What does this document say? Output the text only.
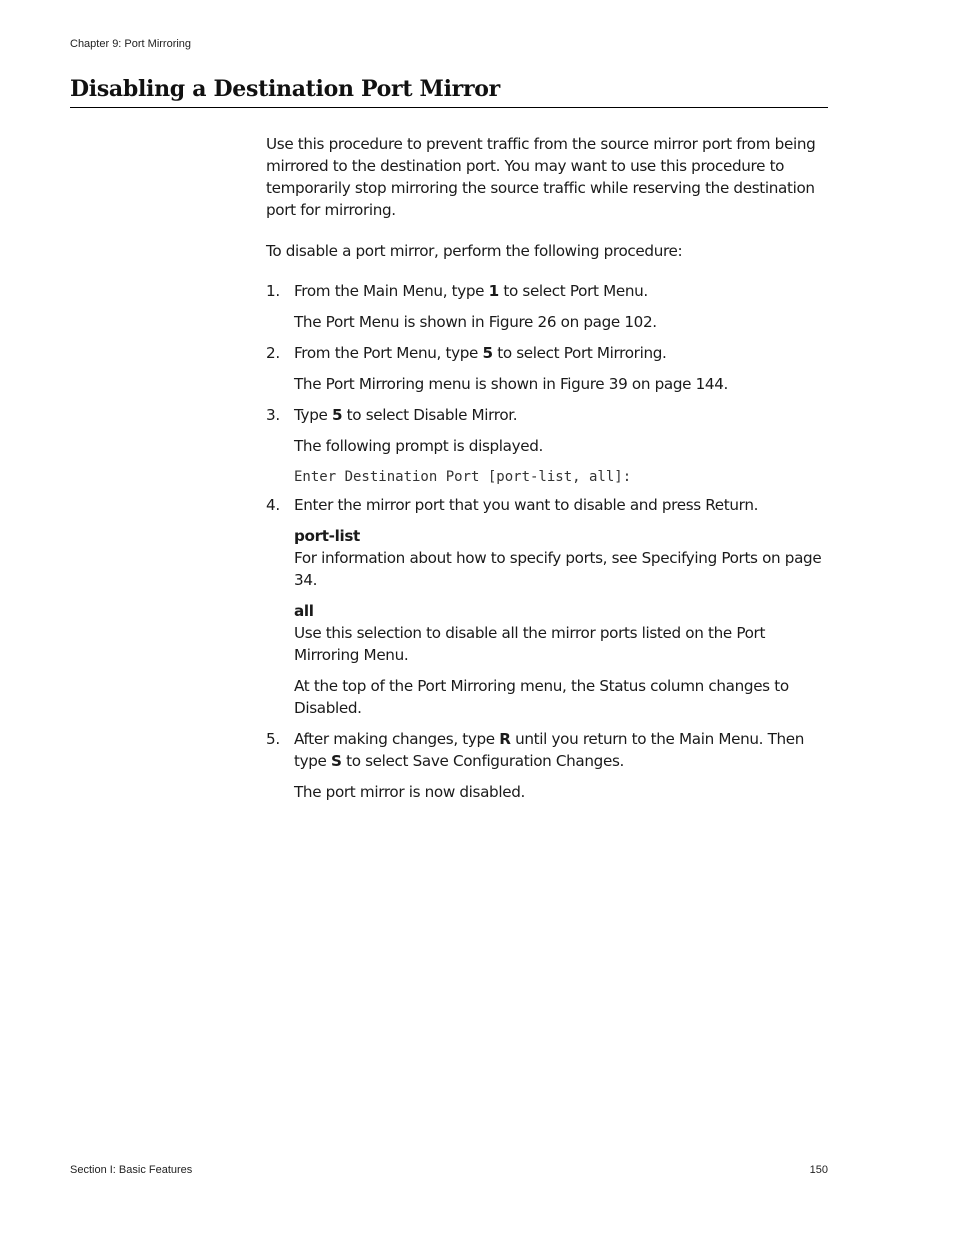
Chapter 9: Port Mirroring
Disabling a Destination Port Mirror

Use this procedure to prevent traffic from the source mirror port from being mirrored to the destination port. You may want to use this procedure to temporarily stop mirroring the source traffic while reserving the destination port for mirroring.

To disable a port mirror, perform the following procedure:

1. From the Main Menu, type 1 to select Port Menu.

The Port Menu is shown in Figure 26 on page 102.

2. From the Port Menu, type 5 to select Port Mirroring.

The Port Mirroring menu is shown in Figure 39 on page 144.

3. Type 5 to select Disable Mirror.

The following prompt is displayed.

Enter Destination Port [port-list, all]:

4. Enter the mirror port that you want to disable and press Return.
port-list
For information about how to specify ports, see Specifying Ports on page 34.
all
Use this selection to disable all the mirror ports listed on the Port Mirroring Menu.

At the top of the Port Mirroring menu, the Status column changes to Disabled.

5. After making changes, type R until you return to the Main Menu. Then type S to select Save Configuration Changes.

The port mirror is now disabled.

Section I: Basic Features	150
